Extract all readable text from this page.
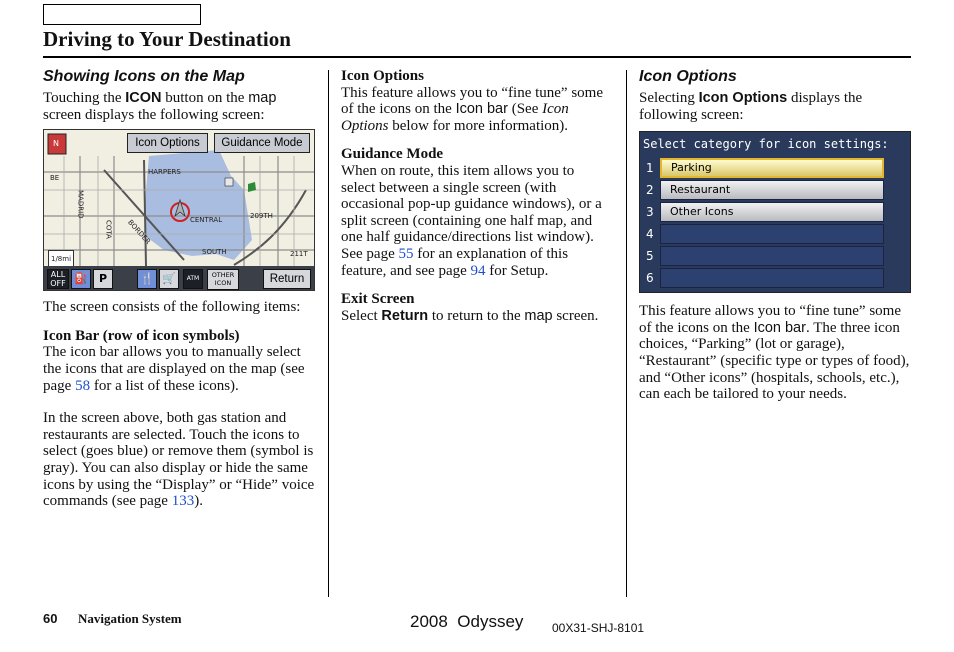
Driving to Your Destination
Showing Icons on the Map

Touching the ICON button on the map screen displays the following screen:

N
HARPERS
CENTRAL	209TH
SOUTH
MADRID
COTA	BORDER
211T
BE
1/8mi
Icon Options	Guidance Mode
ALL OFF ⛽	P	🍴 🛒	ATM	OTHER ICON	Return

The screen consists of the following items:

Icon Bar (row of icon symbols)

The icon bar allows you to manually select the icons that are displayed on the map (see page 58 for a list of these icons).

In the screen above, both gas station and restaurants are selected. Touch the icons to select (goes blue) or remove them (symbol is gray). You can also display or hide the same icons by using the “Display” or “Hide” voice commands (see page 133).

Icon Options

This feature allows you to “fine tune” some of the icons on the Icon bar (See Icon Options below for more information).

Guidance Mode

When on route, this item allows you to select between a single screen (with occasional pop-up guidance windows), or a split screen (containing one half map, and one half guidance/directions list window). See page 55 for an explanation of this feature, and see page 94 for Setup.

Exit Screen

Select Return to return to the map screen.

Icon Options

Selecting Icon Options displays the following screen:

Select category for icon settings:
1	Parking
2	Restaurant
3	Other Icons
4
5
6

This feature allows you to “fine tune” some of the icons on the Icon bar. The three icon choices, “Parking” (lot or garage), “Restaurant” (specific type or types of food), and “Other icons” (hospitals, schools, etc.), can each be tailored to your needs.

60 Navigation System	2008  Odyssey 00X31-SHJ-8101
